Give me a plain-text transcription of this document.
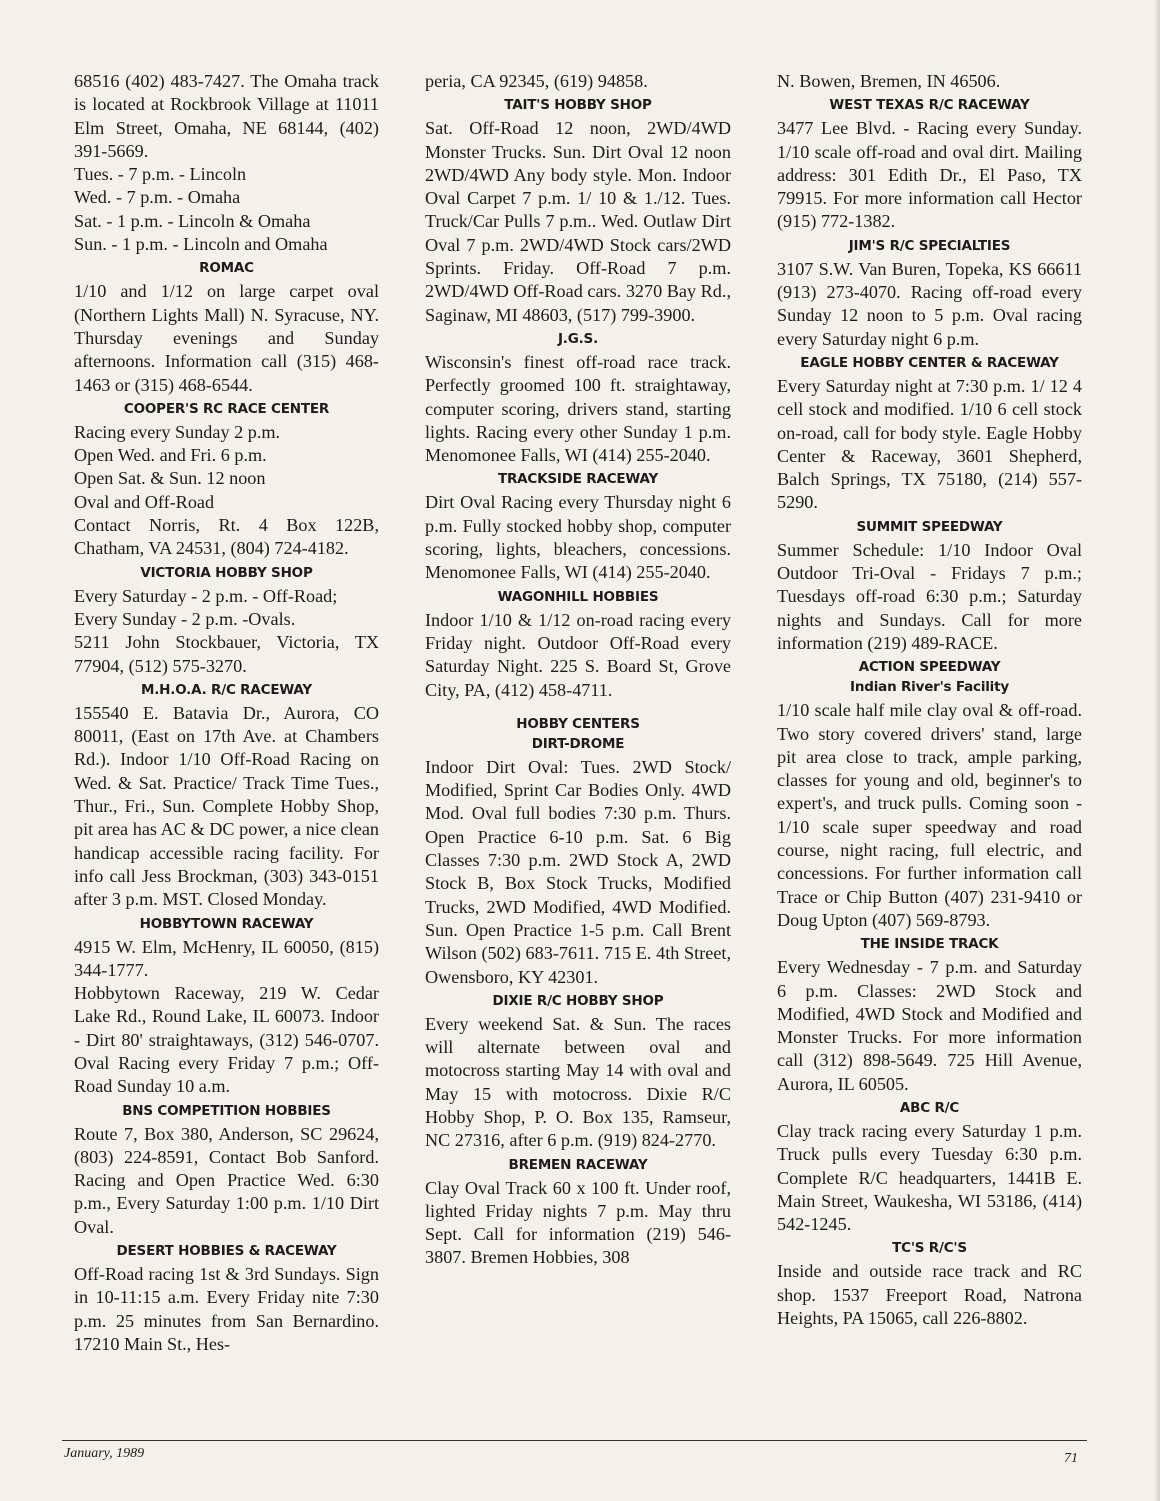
68516 (402) 483-7427. The Omaha track is located at Rockbrook Village at 11011 Elm Street, Omaha, NE 68144, (402) 391-5669.

Tues. - 7 p.m. - Lincoln
Wed. - 7 p.m. - Omaha
Sat. - 1 p.m. - Lincoln & Omaha
Sun. - 1 p.m. - Lincoln and Omaha
ROMAC

1/10 and 1/12 on large carpet oval (Northern Lights Mall) N. Syracuse, NY. Thursday evenings and Sunday afternoons. Information call (315) 468-1463 or (315) 468-6544.

COOPER'S RC RACE CENTER
Racing every Sunday 2 p.m.
Open Wed. and Fri. 6 p.m.
Open Sat. & Sun. 12 noon
Oval and Off-Road

Contact Norris, Rt. 4 Box 122B, Chatham, VA 24531, (804) 724-4182.

VICTORIA HOBBY SHOP
Every Saturday - 2 p.m. - Off-Road;
Every Sunday - 2 p.m. -Ovals.

5211 John Stockbauer, Victoria, TX 77904, (512) 575-3270.

M.H.O.A. R/C RACEWAY

155540 E. Batavia Dr., Aurora, CO 80011, (East on 17th Ave. at Chambers Rd.). Indoor 1/10 Off-Road Racing on Wed. & Sat. Practice/ Track Time Tues., Thur., Fri., Sun. Complete Hobby Shop, pit area has AC & DC power, a nice clean handicap accessible racing facility. For info call Jess Brockman, (303) 343-0151 after 3 p.m. MST. Closed Monday.

HOBBYTOWN RACEWAY

4915 W. Elm, McHenry, IL 60050, (815) 344-1777.

Hobbytown Raceway, 219 W. Cedar Lake Rd., Round Lake, IL 60073. Indoor - Dirt 80' straightaways, (312) 546-0707. Oval Racing every Friday 7 p.m.; Off-Road Sunday 10 a.m.

BNS COMPETITION HOBBIES

Route 7, Box 380, Anderson, SC 29624, (803) 224-8591, Contact Bob Sanford. Racing and Open Practice Wed. 6:30 p.m., Every Saturday 1:00 p.m. 1/10 Dirt Oval.

DESERT HOBBIES & RACEWAY

Off-Road racing 1st & 3rd Sundays. Sign in 10-11:15 a.m. Every Friday nite 7:30 p.m. 25 minutes from San Bernardino. 17210 Main St., Hes-

peria, CA 92345, (619) 94858.

TAIT'S HOBBY SHOP

Sat. Off-Road 12 noon, 2WD/4WD Monster Trucks. Sun. Dirt Oval 12 noon 2WD/4WD Any body style. Mon. Indoor Oval Carpet 7 p.m. 1/ 10 & 1./12. Tues. Truck/Car Pulls 7 p.m.. Wed. Outlaw Dirt Oval 7 p.m. 2WD/4WD Stock cars/2WD Sprints. Friday. Off-Road 7 p.m. 2WD/4WD Off-Road cars. 3270 Bay Rd., Saginaw, MI 48603, (517) 799-3900.

J.G.S.

Wisconsin's finest off-road race track. Perfectly groomed 100 ft. straightaway, computer scoring, drivers stand, starting lights. Racing every other Sunday 1 p.m. Menomonee Falls, WI (414) 255-2040.

TRACKSIDE RACEWAY

Dirt Oval Racing every Thursday night 6 p.m. Fully stocked hobby shop, computer scoring, lights, bleachers, concessions. Menomonee Falls, WI (414) 255-2040.

WAGONHILL HOBBIES

Indoor 1/10 & 1/12 on-road racing every Friday night. Outdoor Off-Road every Saturday Night. 225 S. Board St, Grove City, PA, (412) 458-4711.

HOBBY CENTERS
DIRT-DROME

Indoor Dirt Oval: Tues. 2WD Stock/ Modified, Sprint Car Bodies Only. 4WD Mod. Oval full bodies 7:30 p.m. Thurs. Open Practice 6-10 p.m. Sat. 6 Big Classes 7:30 p.m. 2WD Stock A, 2WD Stock B, Box Stock Trucks, Modified Trucks, 2WD Modified, 4WD Modified. Sun. Open Practice 1-5 p.m. Call Brent Wilson (502) 683-7611. 715 E. 4th Street, Owensboro, KY 42301.

DIXIE R/C HOBBY SHOP

Every weekend Sat. & Sun. The races will alternate between oval and motocross starting May 14 with oval and May 15 with motocross. Dixie R/C Hobby Shop, P. O. Box 135, Ramseur, NC 27316, after 6 p.m. (919) 824-2770.

BREMEN RACEWAY

Clay Oval Track 60 x 100 ft. Under roof, lighted Friday nights 7 p.m. May thru Sept. Call for information (219) 546-3807. Bremen Hobbies, 308

N. Bowen, Bremen, IN 46506.

WEST TEXAS R/C RACEWAY

3477 Lee Blvd. - Racing every Sunday. 1/10 scale off-road and oval dirt. Mailing address: 301 Edith Dr., El Paso, TX 79915. For more information call Hector (915) 772-1382.

JIM'S R/C SPECIALTIES

3107 S.W. Van Buren, Topeka, KS 66611 (913) 273-4070. Racing off-road every Sunday 12 noon to 5 p.m. Oval racing every Saturday night 6 p.m.

EAGLE HOBBY CENTER & RACEWAY

Every Saturday night at 7:30 p.m. 1/ 12 4 cell stock and modified. 1/10 6 cell stock on-road, call for body style. Eagle Hobby Center & Raceway, 3601 Shepherd, Balch Springs, TX 75180, (214) 557-5290.

SUMMIT SPEEDWAY

Summer Schedule: 1/10 Indoor Oval Outdoor Tri-Oval - Fridays 7 p.m.; Tuesdays off-road 6:30 p.m.; Saturday nights and Sundays. Call for more information (219) 489-RACE.

ACTION SPEEDWAY
Indian River's Facility

1/10 scale half mile clay oval & off-road. Two story covered drivers' stand, large pit area close to track, ample parking, classes for young and old, beginner's to expert's, and truck pulls. Coming soon - 1/10 scale super speedway and road course, night racing, full electric, and concessions. For further information call Trace or Chip Button (407) 231-9410 or Doug Upton (407) 569-8793.

THE INSIDE TRACK

Every Wednesday - 7 p.m. and Saturday 6 p.m. Classes: 2WD Stock and Modified, 4WD Stock and Modified and Monster Trucks. For more information call (312) 898-5649. 725 Hill Avenue, Aurora, IL 60505.

ABC R/C

Clay track racing every Saturday 1 p.m. Truck pulls every Tuesday 6:30 p.m. Complete R/C headquarters, 1441B E. Main Street, Waukesha, WI 53186, (414) 542-1245.

TC'S R/C'S

Inside and outside race track and RC shop. 1537 Freeport Road, Natrona Heights, PA 15065, call 226-8802.

January, 1989	71
